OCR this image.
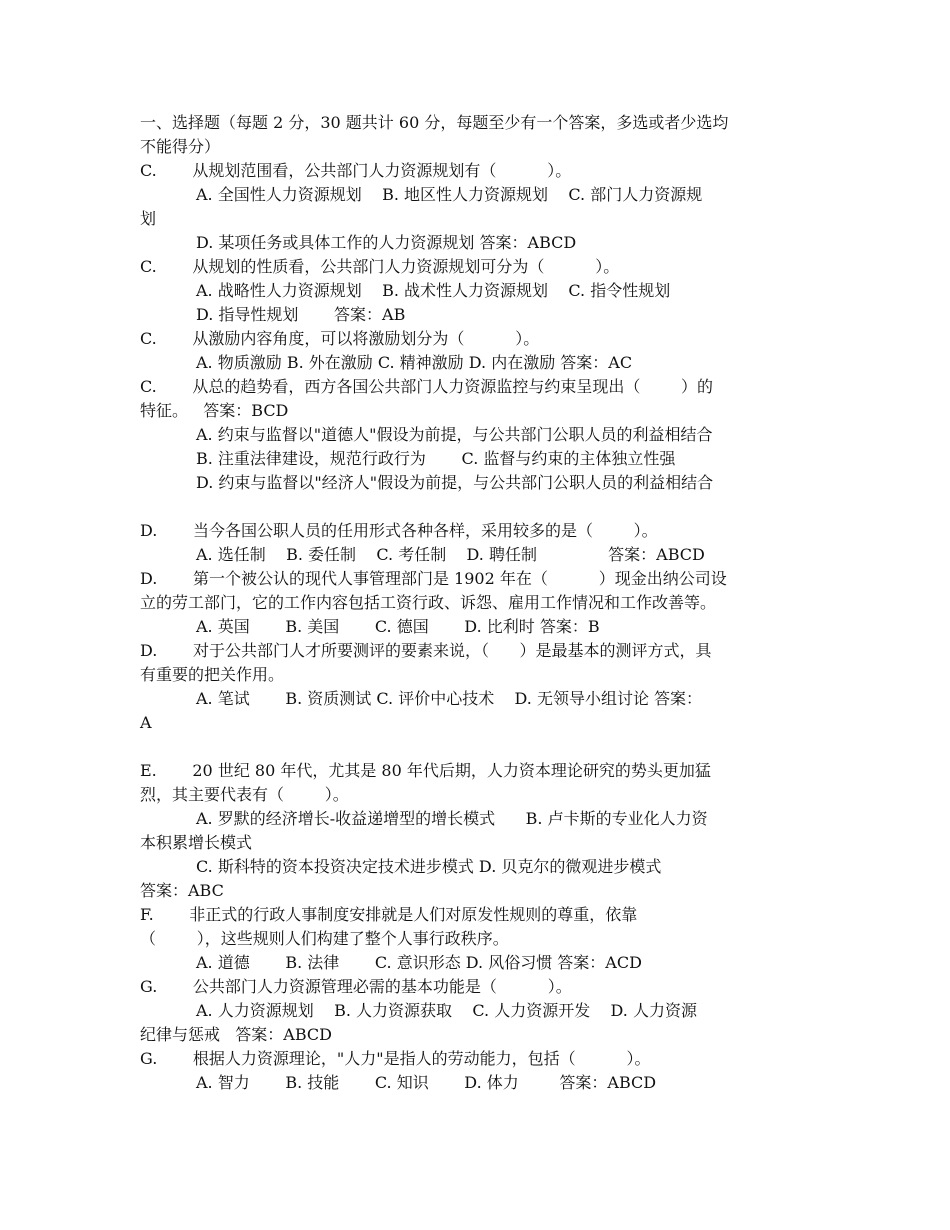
一、选择题（每题 2 分，30 题共计 60 分，每题至少有一个答案，多选或者少选均
不能得分）
C.       从规划范围看，公共部门人力资源规划有（          ）。
A. 全国性人力资源规划    B. 地区性人力资源规划    C. 部门人力资源规
划
D. 某项任务或具体工作的人力资源规划 答案：ABCD
C.       从规划的性质看，公共部门人力资源规划可分为（          ）。
A. 战略性人力资源规划    B. 战术性人力资源规划    C. 指令性规划
D. 指导性规划       答案：AB
C.       从激励内容角度，可以将激励划分为（          ）。
A. 物质激励 B. 外在激励 C. 精神激励 D. 内在激励 答案：AC
C.       从总的趋势看，西方各国公共部门人力资源监控与约束呈现出（        ）的
特征。   答案：BCD
A. 约束与监督以"道德人"假设为前提，与公共部门公职人员的利益相结合
B. 注重法律建设，规范行政行为       C. 监督与约束的主体独立性强
D. 约束与监督以"经济人"假设为前提，与公共部门公职人员的利益相结合
D.       当今各国公职人员的任用形式各种各样，采用较多的是（        ）。
A. 选任制    B. 委任制    C. 考任制    D. 聘任制              答案：ABCD
D.       第一个被公认的现代人事管理部门是 1902 年在（          ）现金出纳公司设
立的劳工部门，它的工作内容包括工资行政、诉怨、雇用工作情况和工作改善等。
A. 英国       B. 美国       C. 德国       D. 比利时 答案：B
D.       对于公共部门人才所要测评的要素来说，（      ）是最基本的测评方式，具
有重要的把关作用。
A. 笔试       B. 资质测试 C. 评价中心技术    D. 无领导小组讨论 答案：
A
E.       20 世纪 80 年代，尤其是 80 年代后期，人力资本理论研究的势头更加猛
烈，其主要代表有（        ）。
A. 罗默的经济增长-收益递增型的增长模式      B. 卢卡斯的专业化人力资
本积累增长模式
C. 斯科特的资本投资决定技术进步模式 D. 贝克尔的微观进步模式
答案：ABC
F.       非正式的行政人事制度安排就是人们对原发性规则的尊重，依靠
（        ），这些规则人们构建了整个人事行政秩序。
A. 道德       B. 法律       C. 意识形态 D. 风俗习惯 答案：ACD
G.       公共部门人力资源管理必需的基本功能是（          ）。
A. 人力资源规划    B. 人力资源获取    C. 人力资源开发    D. 人力资源
纪律与惩戒   答案：ABCD
G.       根据人力资源理论，"人力"是指人的劳动能力，包括（          ）。
A. 智力       B. 技能       C. 知识       D. 体力        答案：ABCD
